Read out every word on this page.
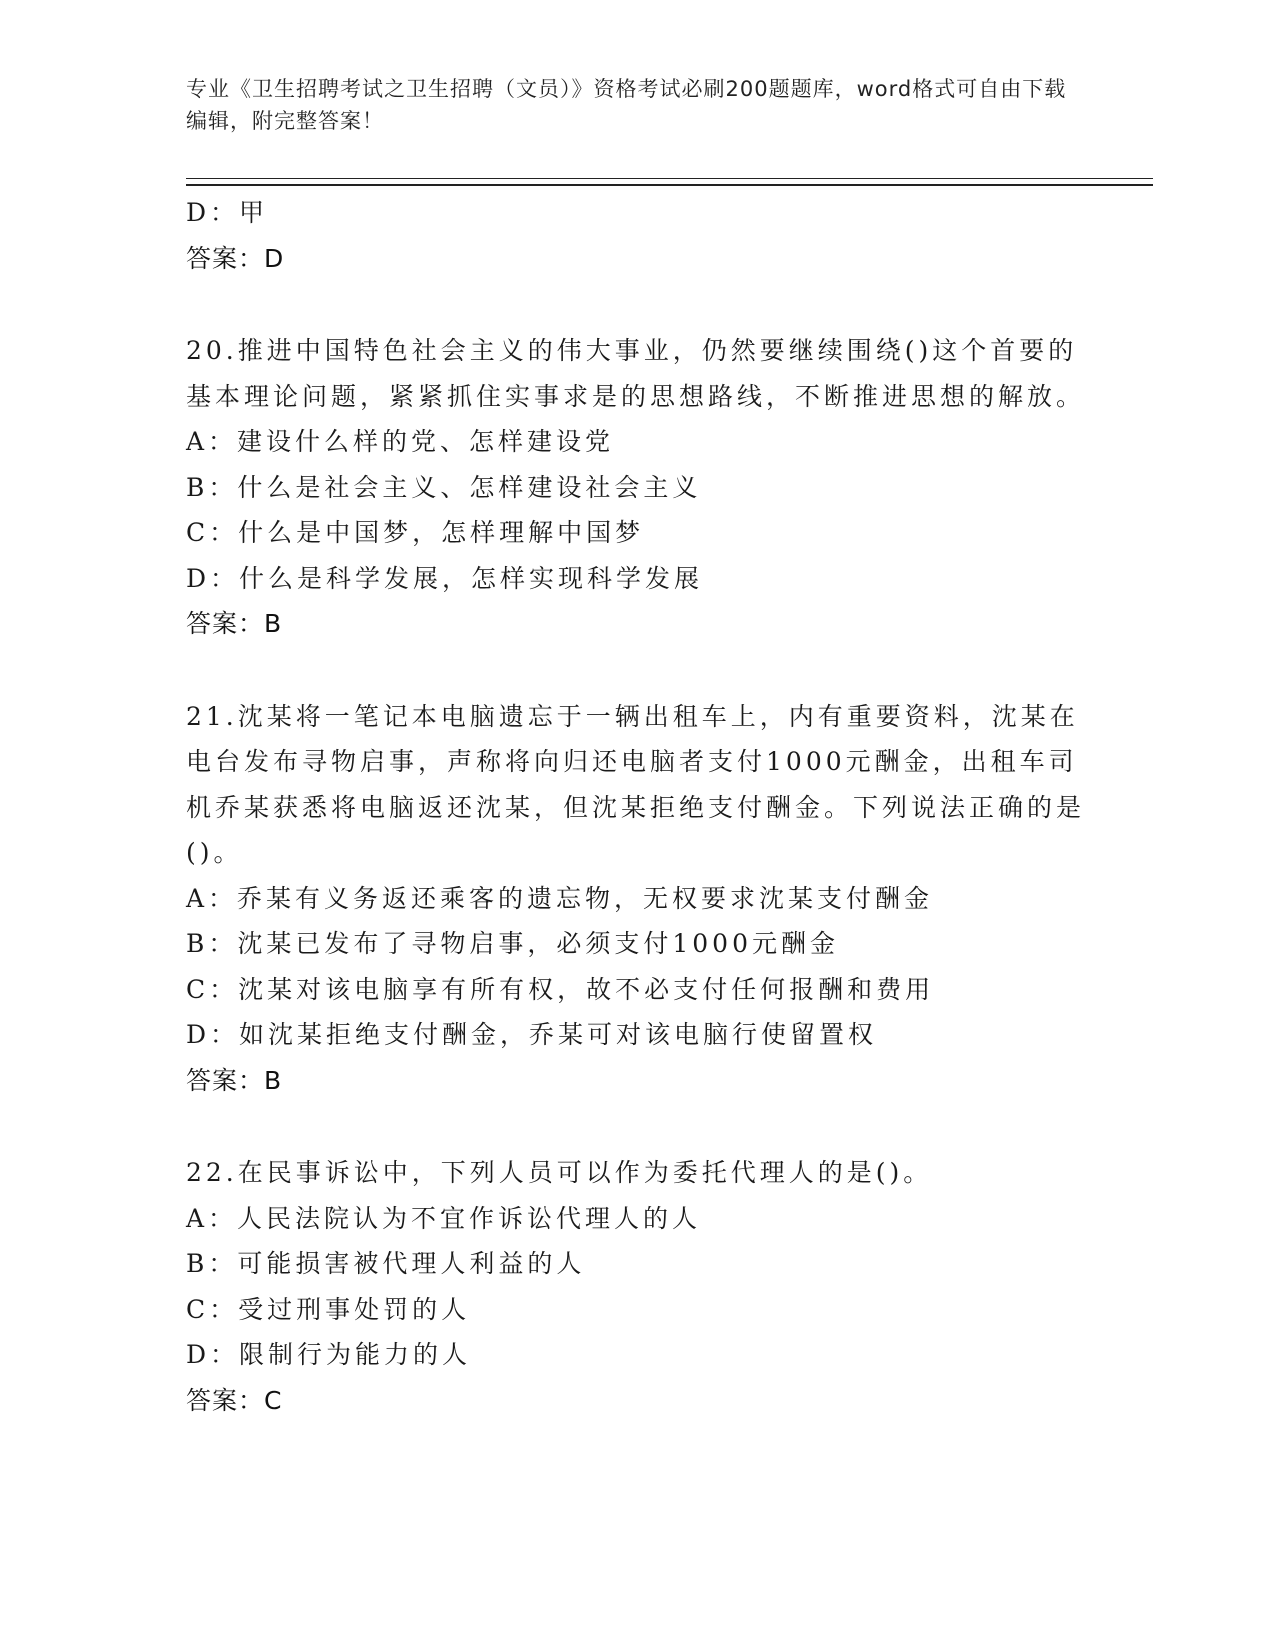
专业《卫生招聘考试之卫生招聘（文员）》资格考试必刷200题题库，word格式可自由下载编辑，附完整答案！
D：甲
答案：D
20.推进中国特色社会主义的伟大事业，仍然要继续围绕()这个首要的基本理论问题，紧紧抓住实事求是的思想路线，不断推进思想的解放。
A：建设什么样的党、怎样建设党
B：什么是社会主义、怎样建设社会主义
C：什么是中国梦，怎样理解中国梦
D：什么是科学发展，怎样实现科学发展
答案：B
21.沈某将一笔记本电脑遗忘于一辆出租车上，内有重要资料，沈某在电台发布寻物启事，声称将向归还电脑者支付1000元酬金，出租车司机乔某获悉将电脑返还沈某，但沈某拒绝支付酬金。下列说法正确的是()。
A：乔某有义务返还乘客的遗忘物，无权要求沈某支付酬金
B：沈某已发布了寻物启事，必须支付1000元酬金
C：沈某对该电脑享有所有权，故不必支付任何报酬和费用
D：如沈某拒绝支付酬金，乔某可对该电脑行使留置权
答案：B
22.在民事诉讼中，下列人员可以作为委托代理人的是()。
A：人民法院认为不宜作诉讼代理人的人
B：可能损害被代理人利益的人
C：受过刑事处罚的人
D：限制行为能力的人
答案：C
